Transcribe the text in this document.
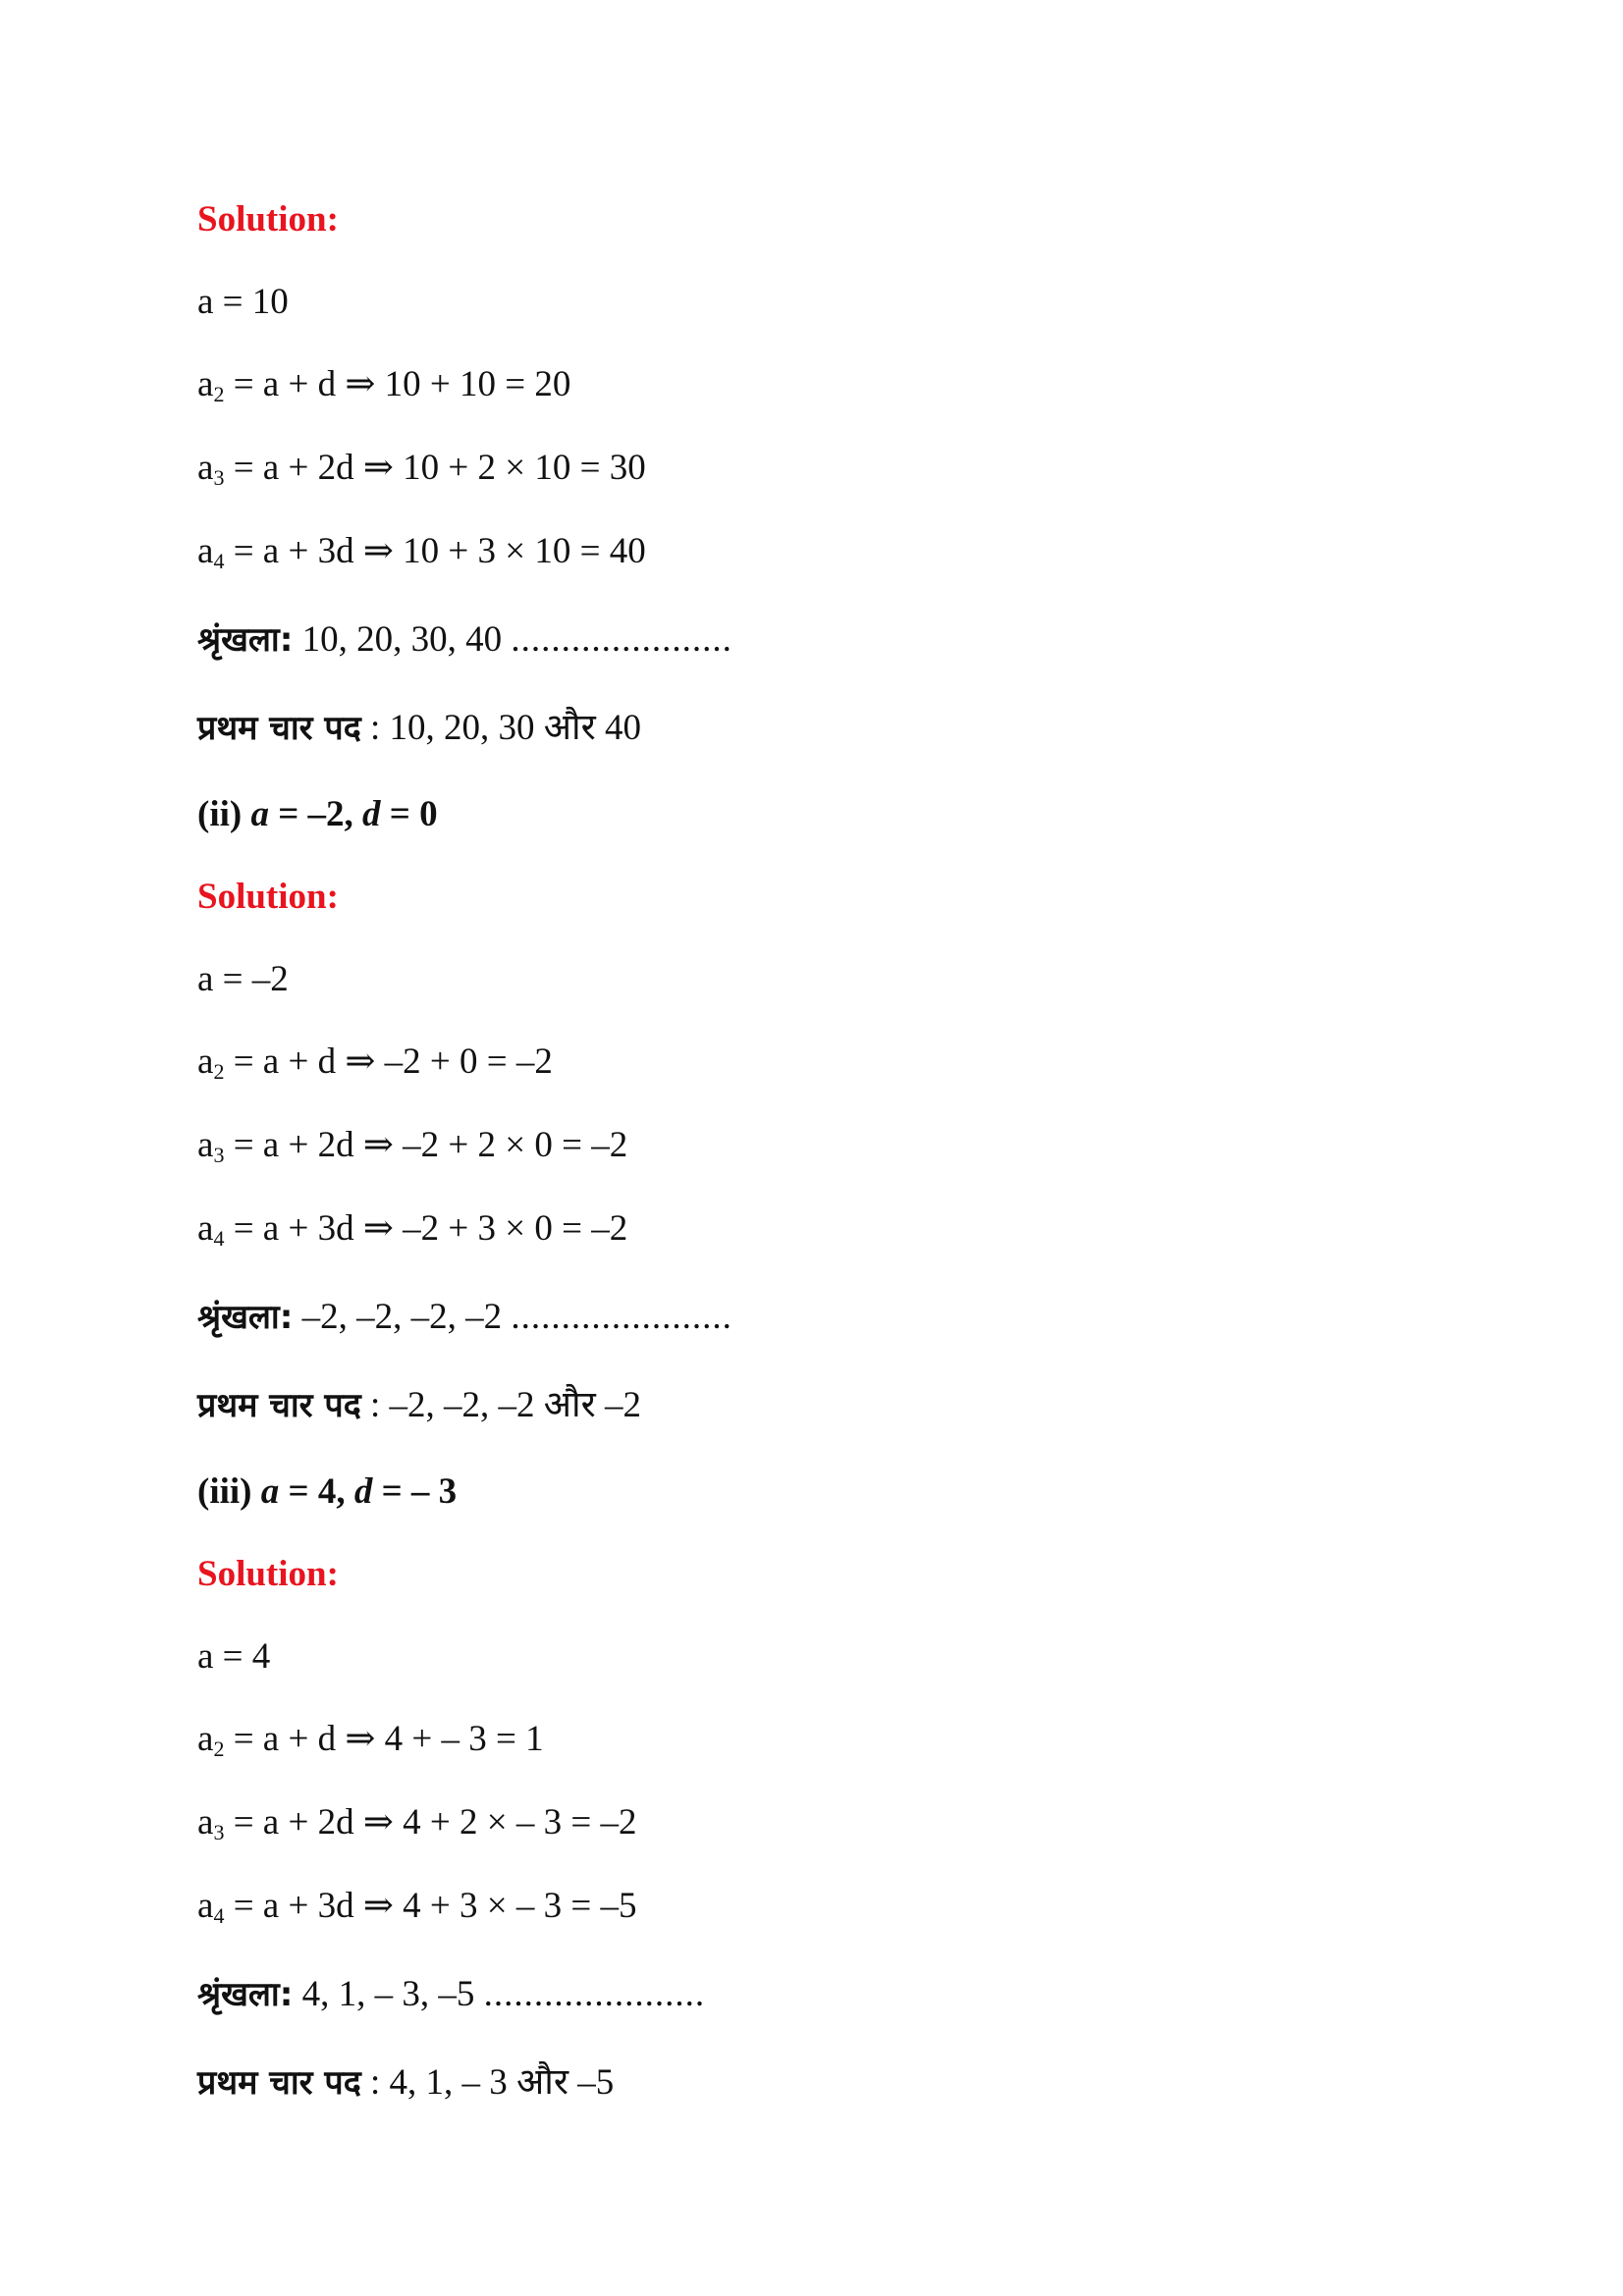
Solution:
a = 10
$a_2 = a + d$ ⇒ 10 + 10 = 20
$a_3 = a + 2d$ ⇒ 10 + 2 × 10 = 30
$a_4 = a + 3d$ ⇒ 10 + 3 × 10 = 40
श्रृंखला: 10, 20, 30, 40 ......................
प्रथम चार पद : 10, 20, 30 और 40
(ii) a = –2, d = 0
Solution:
a = –2
$a_2 = a + d$ ⇒ –2 + 0 = –2
$a_3 = a + 2d$ ⇒ –2 + 2 × 0 = –2
$a_4 = a + 3d$ ⇒ –2 + 3 × 0 = –2
श्रृंखला: –2, –2, –2, –2 ......................
प्रथम चार पद : –2, –2, –2 और –2
(iii) a = 4, d = – 3
Solution:
a = 4
$a_2 = a + d$ ⇒ 4 + – 3 = 1
$a_3 = a + 2d$ ⇒ 4 + 2 × – 3 = –2
$a_4 = a + 3d$ ⇒ 4 + 3 × – 3 = –5
श्रृंखला: 4, 1, – 3, –5 ......................
प्रथम चार पद : 4, 1, – 3 और –5
